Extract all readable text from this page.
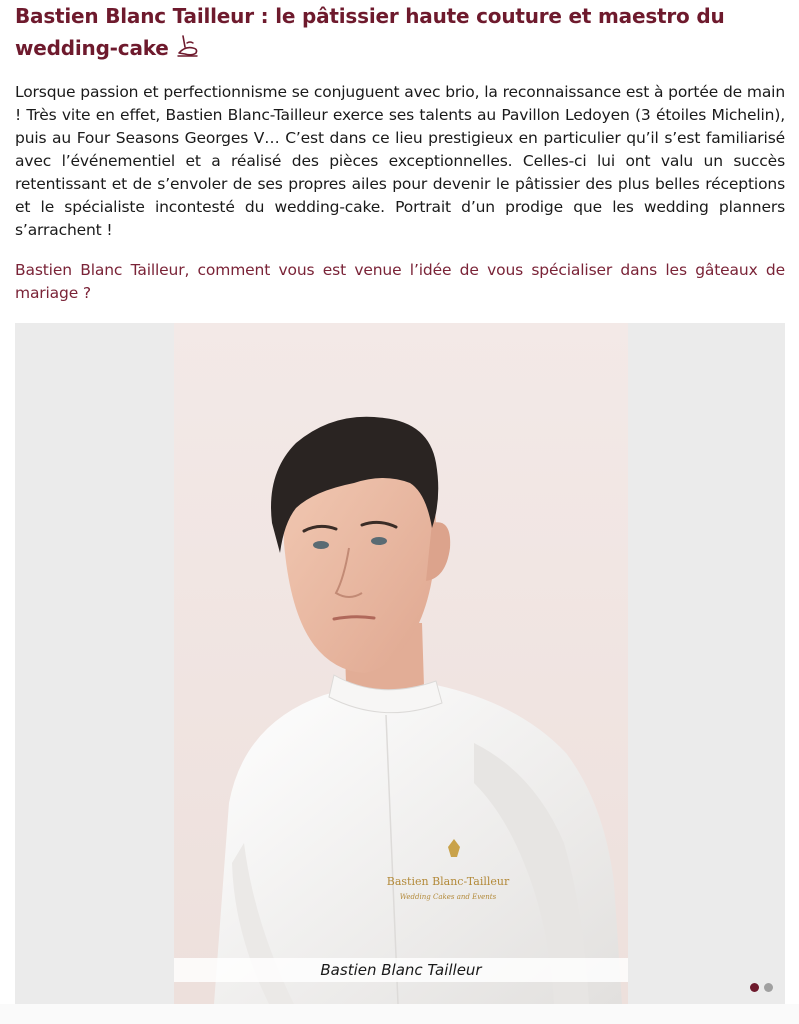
Bastien Blanc Tailleur : le pâtissier haute couture et maestro du wedding-cake

Lorsque passion et perfectionnisme se conjuguent avec brio, la reconnaissance est à portée de main ! Très vite en effet, Bastien Blanc-Tailleur exerce ses talents au Pavillon Ledoyen (3 étoiles Michelin), puis au Four Seasons Georges V… C’est dans ce lieu prestigieux en particulier qu’il s’est familiarisé avec l’événementiel et a réalisé des pièces exceptionnelles. Celles-ci lui ont valu un succès retentissant et de s’envoler de ses propres ailes pour devenir le pâtissier des plus belles réceptions et le spécialiste incontesté du wedding-cake. Portrait d’un prodige que les wedding planners s’arrachent !

Bastien Blanc Tailleur, comment vous est venue l’idée de vous spécialiser dans les gâteaux de mariage ?

Bastien Blanc-Tailleur
Wedding Cakes and Events
Bastien Blanc Tailleur
